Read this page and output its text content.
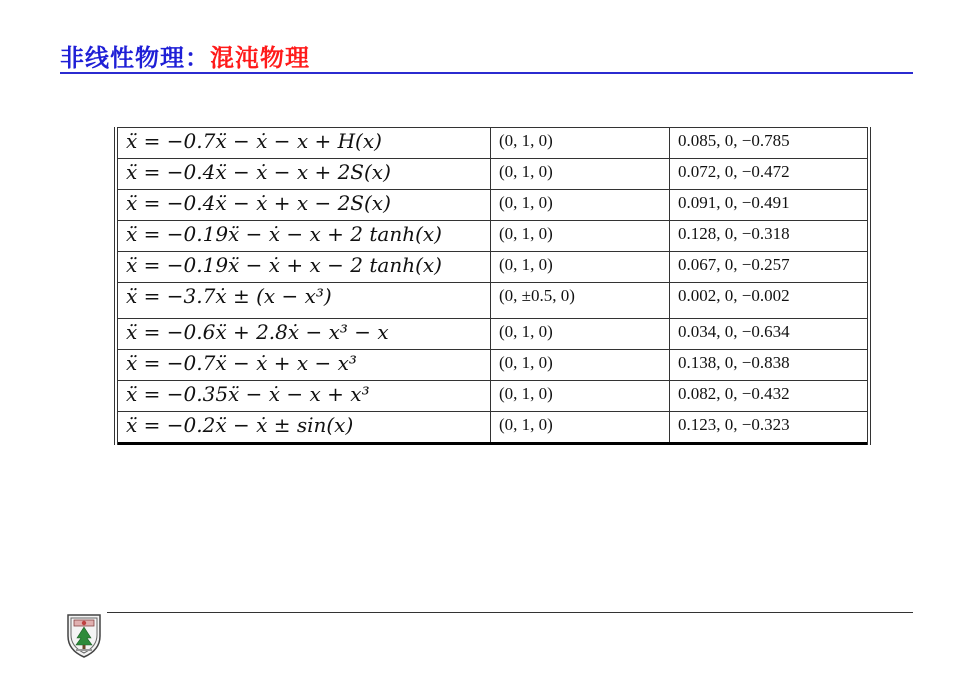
非线性物理：混沌物理
ẍ = −0.7ẍ − ẋ − x + H(x)	(0, 1, 0)	0.085, 0, −0.785
ẍ = −0.4ẍ − ẋ − x + 2S(x)	(0, 1, 0)	0.072, 0, −0.472
ẍ = −0.4ẍ − ẋ + x − 2S(x)	(0, 1, 0)	0.091, 0, −0.491
ẍ = −0.19ẍ − ẋ − x + 2 tanh(x)	(0, 1, 0)	0.128, 0, −0.318
ẍ = −0.19ẍ − ẋ + x − 2 tanh(x)	(0, 1, 0)	0.067, 0, −0.257
ẍ = −3.7ẋ ± (x − x³)	(0, ±0.5, 0)	0.002, 0, −0.002
ẍ = −0.6ẍ + 2.8ẋ − x³ − x	(0, 1, 0)	0.034, 0, −0.634
ẍ = −0.7ẍ − ẋ + x − x³	(0, 1, 0)	0.138, 0, −0.838
ẍ = −0.35ẍ − ẋ − x + x³	(0, 1, 0)	0.082, 0, −0.432
ẍ = −0.2ẍ − ẋ ± sin(x)	(0, 1, 0)	0.123, 0, −0.323
